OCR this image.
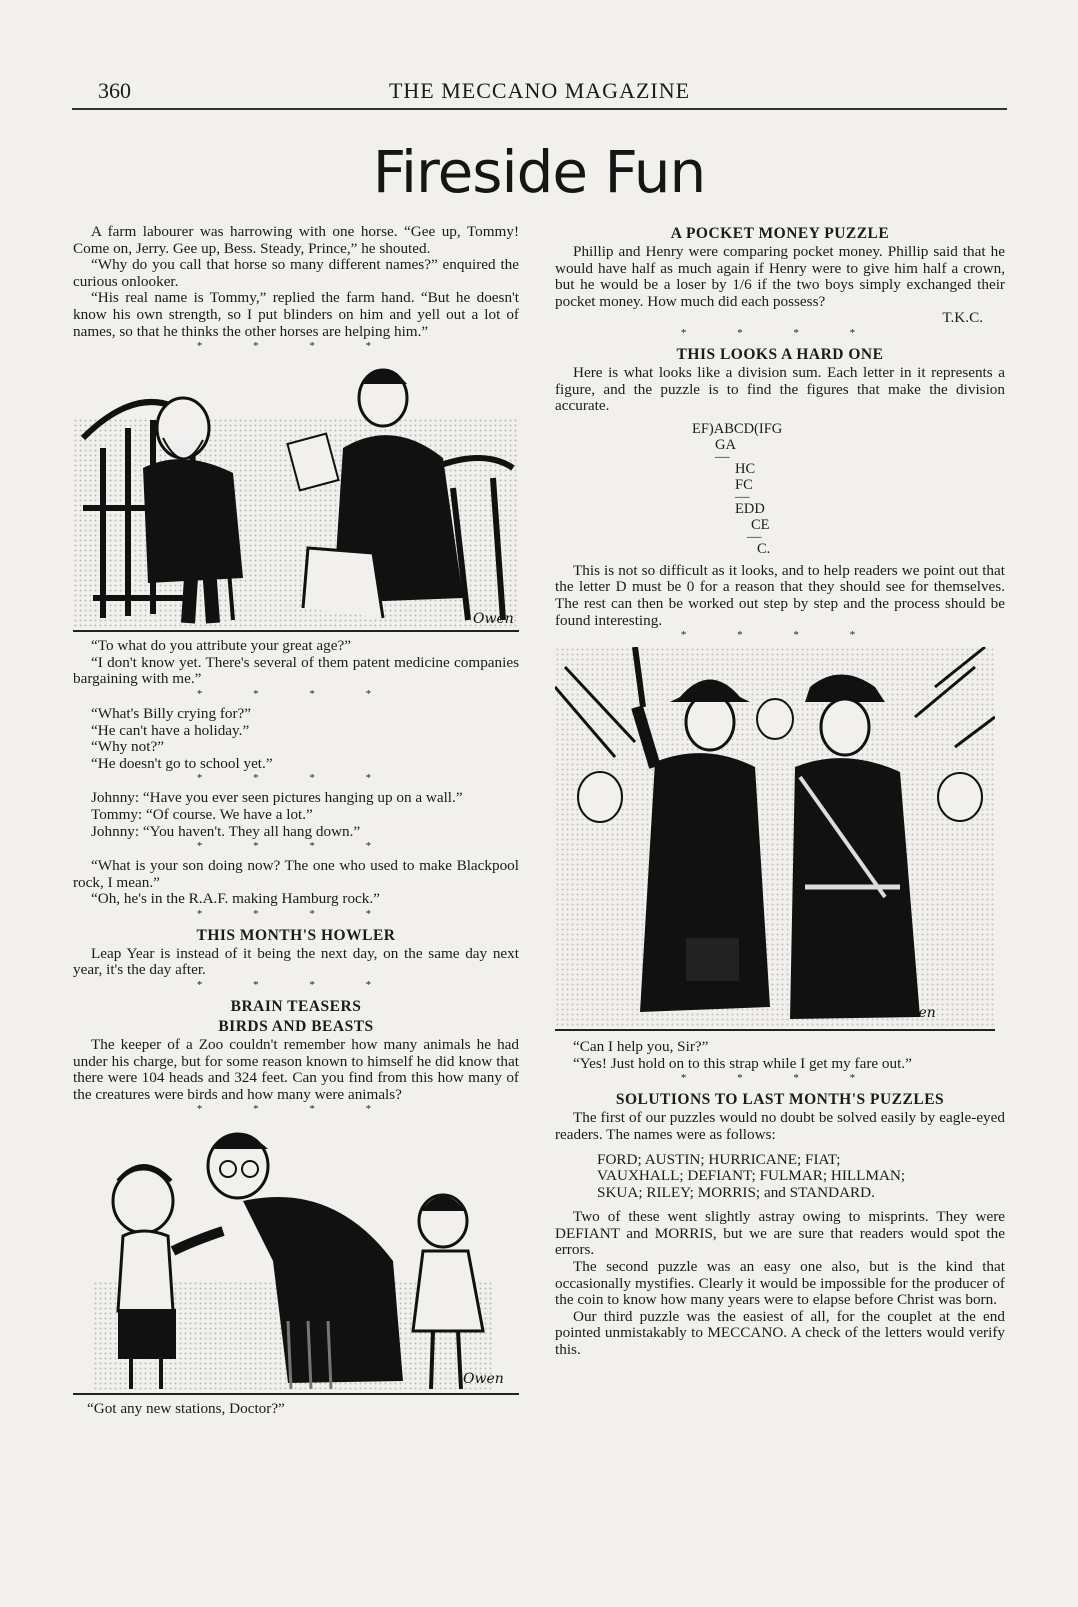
360	THE MECCANO MAGAZINE
Fireside Fun

A farm labourer was harrowing with one horse. “Gee up, Tommy! Come on, Jerry. Gee up, Bess. Steady, Prince,” he shouted.

“Why do you call that horse so many different names?” enquired the curious onlooker.

“His real name is Tommy,” replied the farm hand. “But he doesn't know his own strength, so I put blinders on him and yell out a lot of names, so that he thinks the other horses are helping him.”

* * * *
Owen

“To what do you attribute your great age?”

“I don't know yet. There's several of them patent medicine companies bargaining with me.”

* * * *

“What's Billy crying for?”

“He can't have a holiday.”

“Why not?”

“He doesn't go to school yet.”

* * * *

Johnny: “Have you ever seen pictures hanging up on a wall.”

Tommy: “Of course. We have a lot.”

Johnny: “You haven't. They all hang down.”

* * * *

“What is your son doing now? The one who used to make Blackpool rock, I mean.”

“Oh, he's in the R.A.F. making Hamburg rock.”

* * * *
THIS MONTH'S HOWLER

Leap Year is instead of it being the next day, on the same day next year, it's the day after.

* * * *
BRAIN TEASERS
BIRDS AND BEASTS

The keeper of a Zoo couldn't remember how many animals he had under his charge, but for some reason known to himself he did know that there were 104 heads and 324 feet. Can you find from this how many of the creatures were birds and how many were animals?

* * * *
Owen

“Got any new stations, Doctor?”

A POCKET MONEY PUZZLE

Phillip and Henry were comparing pocket money. Phillip said that he would have half as much again if Henry were to give him half a crown, but he would be a loser by 1/6 if the two boys simply exchanged their pocket money. How much did each possess?

T.K.C.
* * * *
THIS LOOKS A HARD ONE

Here is what looks like a division sum. Each letter in it represents a figure, and the puzzle is to find the figures that make the division accurate.

EF)ABCD(IFG
GA
—
HC
FC
—
EDD
CE
—
C.

This is not so difficult as it looks, and to help readers we point out that the letter D must be 0 for a reason that they should see for themselves. The rest can then be worked out step by step and the process should be found interesting.

* * * *
Owen

“Can I help you, Sir?”

“Yes! Just hold on to this strap while I get my fare out.”

* * * *
SOLUTIONS TO LAST MONTH'S PUZZLES

The first of our puzzles would no doubt be solved easily by eagle-eyed readers. The names were as follows:

FORD; AUSTIN; HURRICANE; FIAT;
VAUXHALL; DEFIANT; FULMAR; HILLMAN;
SKUA; RILEY; MORRIS; and STANDARD.

Two of these went slightly astray owing to misprints. They were DEFIANT and MORRIS, but we are sure that readers would spot the errors.

The second puzzle was an easy one also, but is the kind that occasionally mystifies. Clearly it would be impossible for the producer of the coin to know how many years were to elapse before Christ was born.

Our third puzzle was the easiest of all, for the couplet at the end pointed unmistakably to MECCANO. A check of the letters would verify this.
